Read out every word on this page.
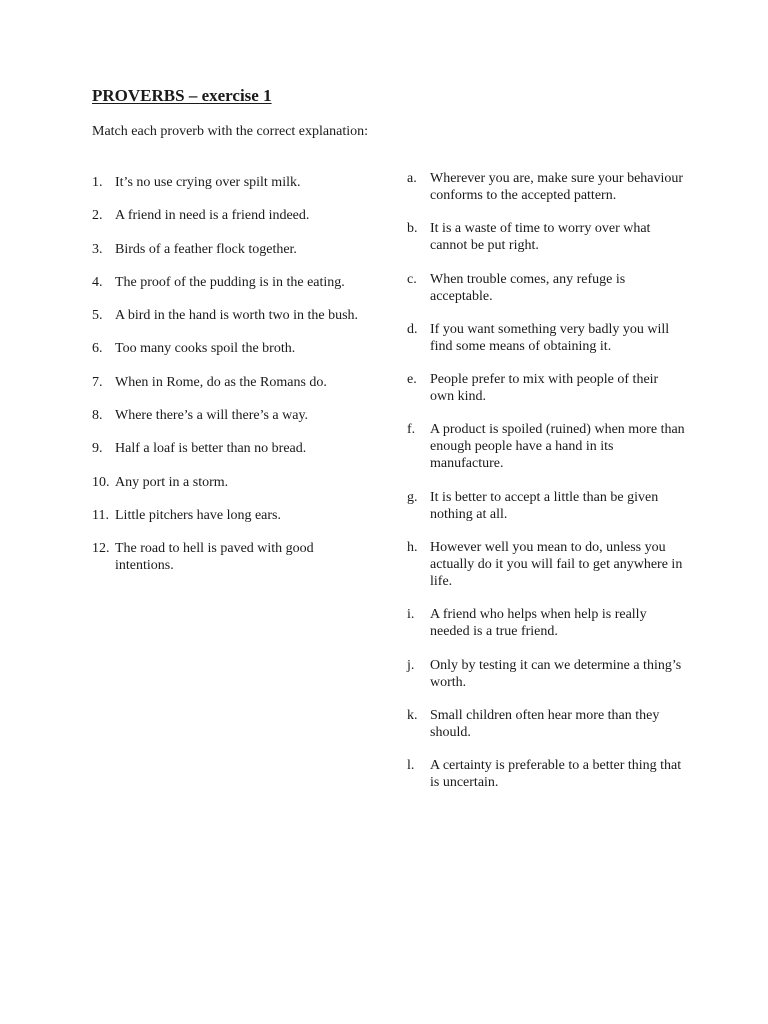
PROVERBS – exercise 1
Match each proverb with the correct explanation:
1. It’s no use crying over spilt milk.
2. A friend in need is a friend indeed.
3. Birds of a feather flock together.
4. The proof of the pudding is in the eating.
5. A bird in the hand is worth two in the bush.
6. Too many cooks spoil the broth.
7. When in Rome, do as the Romans do.
8. Where there’s a will there’s a way.
9. Half a loaf is better than no bread.
10. Any port in a storm.
11. Little pitchers have long ears.
12. The road to hell is paved with good intentions.
a. Wherever you are, make sure your behaviour conforms to the accepted pattern.
b. It is a waste of time to worry over what cannot be put right.
c. When trouble comes, any refuge is acceptable.
d. If you want something very badly you will find some means of obtaining it.
e. People prefer to mix with people of their own kind.
f. A product is spoiled (ruined) when more than enough people have a hand in its manufacture.
g. It is better to accept a little than be given nothing at all.
h. However well you mean to do, unless you actually do it you will fail to get anywhere in life.
i. A friend who helps when help is really needed is a true friend.
j. Only by testing it can we determine a thing’s worth.
k. Small children often hear more than they should.
l. A certainty is preferable to a better thing that is uncertain.
